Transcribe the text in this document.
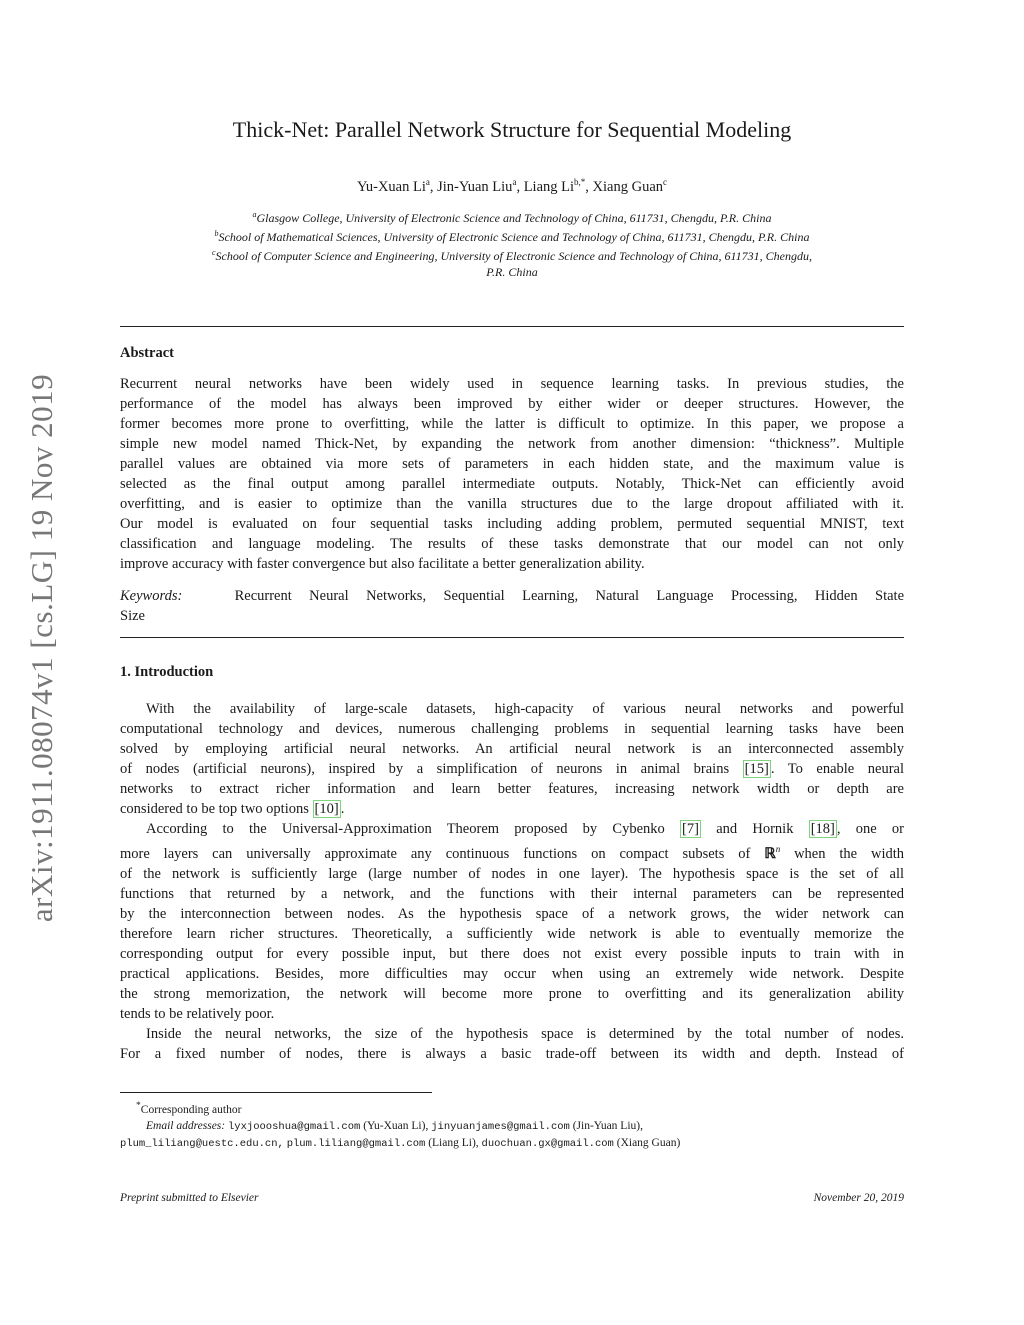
arXiv:1911.08074v1 [cs.LG] 19 Nov 2019
Thick-Net: Parallel Network Structure for Sequential Modeling
Yu-Xuan Li$^a$, Jin-Yuan Liu$^a$, Liang $Li^{b,*}$, Xiang Guan$^c$
$^a$Glasgow College, University of Electronic Science and Technology of China, 611731, Chengdu, P.R. China
$^b$School of Mathematical Sciences, University of Electronic Science and Technology of China, 611731, Chengdu, P.R. China
$^c$School of Computer Science and Engineering, University of Electronic Science and Technology of China, 611731, Chengdu,
P.R. China
Abstract
Recurrent neural networks have been widely used in sequence learning tasks. In previous studies, the
performance of the model has always been improved by either wider or deeper structures. However, the
former becomes more prone to overfitting, while the latter is difficult to optimize. In this paper, we propose a
simple new model named Thick-Net, by expanding the network from another dimension: “thickness”. Multiple
parallel values are obtained via more sets of parameters in each hidden state, and the maximum value is
selected as the final output among parallel intermediate outputs. Notably, Thick-Net can efficiently avoid
overfitting, and is easier to optimize than the vanilla structures due to the large dropout affiliated with it.
Our model is evaluated on four sequential tasks including adding problem, permuted sequential MNIST, text
classification and language modeling. The results of these tasks demonstrate that our model can not only
improve accuracy with faster convergence but also facilitate a better generalization ability.
Keywords:	Recurrent Neural Networks, Sequential Learning, Natural Language Processing, Hidden State
Size
1. Introduction
With the availability of large-scale datasets, high-capacity of various neural networks and powerful
computational technology and devices, numerous challenging problems in sequential learning tasks have been
solved by employing artificial neural networks. An artificial neural network is an interconnected assembly
of nodes (artificial neurons), inspired by a simplification of neurons in animal brains [15] . To enable neural
networks to extract richer information and learn better features, increasing network width or depth are
considered to be top two options [10] .
According to the Universal-Approximation Theorem proposed by Cybenko [7] and Hornik [18] , one or
more layers can universally approximate any continuous functions on compact subsets of ℝ$^n$ when the width
of the network is sufficiently large (large number of nodes in one layer). The hypothesis space is the set of all
functions that returned by a network, and the functions with their internal parameters can be represented
by the interconnection between nodes. As the hypothesis space of a network grows, the wider network can
therefore learn richer structures. Theoretically, a sufficiently wide network is able to eventually memorize the
corresponding output for every possible input, but there does not exist every possible inputs to train with in
practical applications. Besides, more difficulties may occur when using an extremely wide network. Despite
the strong memorization, the network will become more prone to overfitting and its generalization ability
tends to be relatively poor.
Inside the neural networks, the size of the hypothesis space is determined by the total number of nodes.
For a fixed number of nodes, there is always a basic trade-off between its width and depth. Instead of
*Corresponding author
Email addresses: lyxjoooshua@gmail.com (Yu-Xuan Li), jinyuanjames@gmail.com (Jin-Yuan Liu),
plum_liliang@uestc.edu.cn, plum.liliang@gmail.com (Liang Li), duochuan.gx@gmail.com (Xiang Guan)
Preprint submitted to Elsevier	November 20, 2019
